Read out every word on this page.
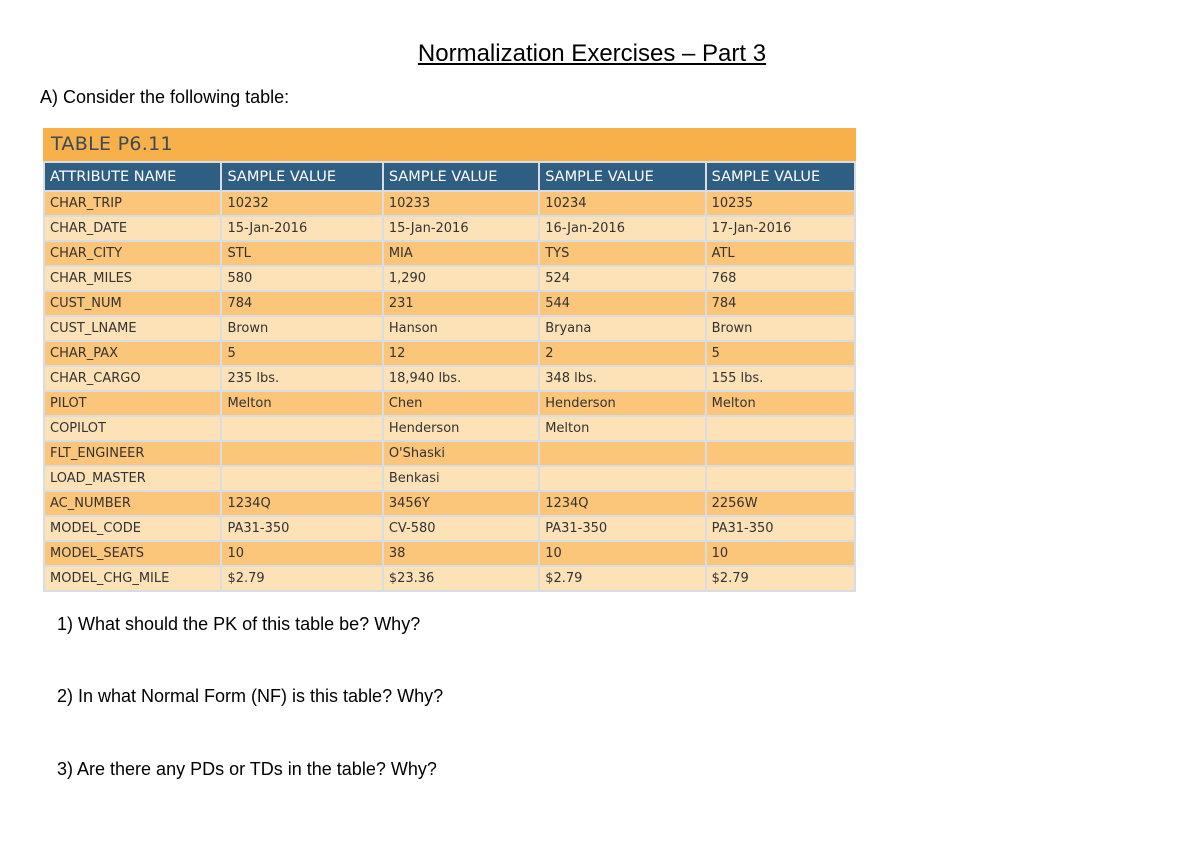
Normalization Exercises – Part 3
A) Consider the following table:
TABLE P6.11
ATTRIBUTE NAME	SAMPLE VALUE	SAMPLE VALUE	SAMPLE VALUE	SAMPLE VALUE
CHAR_TRIP	10232	10233	10234	10235
CHAR_DATE	15-Jan-2016	15-Jan-2016	16-Jan-2016	17-Jan-2016
CHAR_CITY	STL	MIA	TYS	ATL
CHAR_MILES	580	1,290	524	768
CUST_NUM	784	231	544	784
CUST_LNAME	Brown	Hanson	Bryana	Brown
CHAR_PAX	5	12	2	5
CHAR_CARGO	235 lbs.	18,940 lbs.	348 lbs.	155 lbs.
PILOT	Melton	Chen	Henderson	Melton
COPILOT		Henderson	Melton	
FLT_ENGINEER		O'Shaski		
LOAD_MASTER		Benkasi		
AC_NUMBER	1234Q	3456Y	1234Q	2256W
MODEL_CODE	PA31-350	CV-580	PA31-350	PA31-350
MODEL_SEATS	10	38	10	10
MODEL_CHG_MILE	$2.79	$23.36	$2.79	$2.79
1) What should the PK of this table be? Why?
2) In what Normal Form (NF) is this table? Why?
3) Are there any PDs or TDs in the table? Why?
